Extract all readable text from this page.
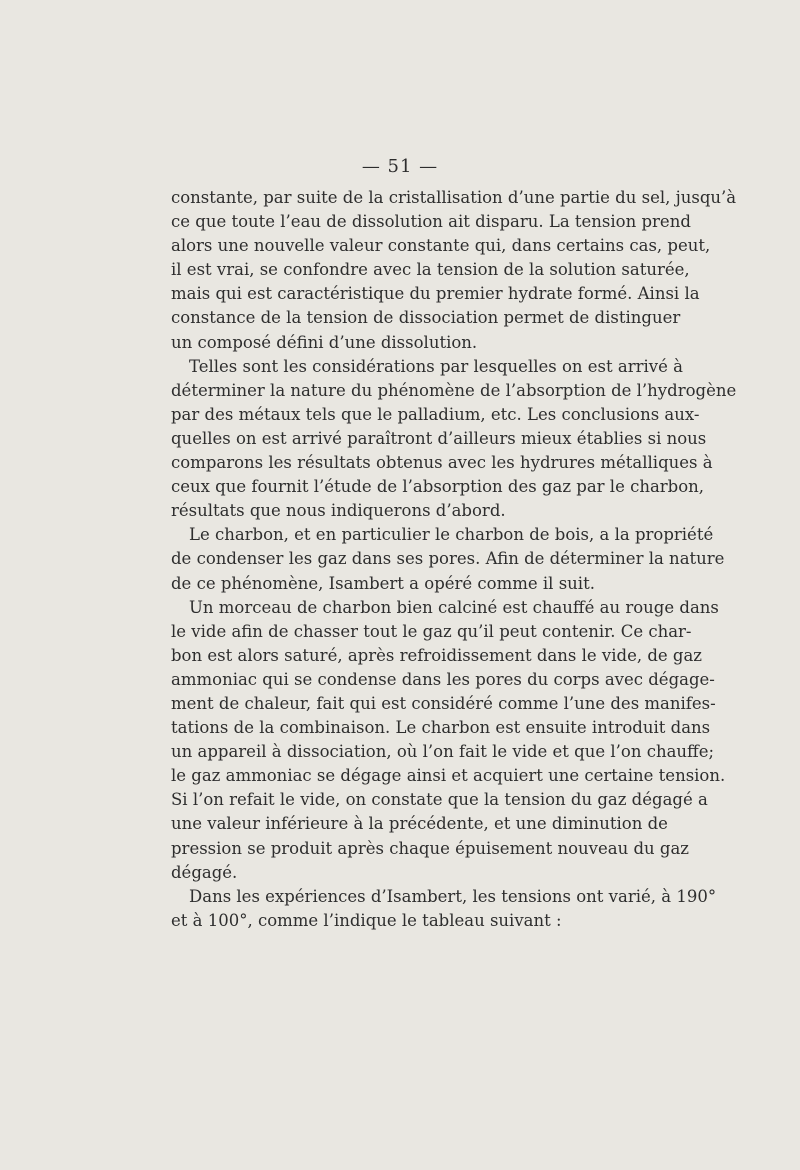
— 51 —
constante, par suite de la cristallisation d’une partie du sel, jusqu’à
ce que toute l’eau de dissolution ait disparu. La tension prend
alors une nouvelle valeur constante qui, dans certains cas, peut,
il est vrai, se confondre avec la tension de la solution saturée,
mais qui est caractéristique du premier hydrate formé. Ainsi la
constance de la tension de dissociation permet de distinguer
un composé défini d’une dissolution.
Telles sont les considérations par lesquelles on est arrivé à
déterminer la nature du phénomène de l’absorption de l’hydrogène
par des métaux tels que le palladium, etc. Les conclusions aux-
quelles on est arrivé paraîtront d’ailleurs mieux établies si nous
comparons les résultats obtenus avec les hydrures métalliques à
ceux que fournit l’étude de l’absorption des gaz par le charbon,
résultats que nous indiquerons d’abord.
Le charbon, et en particulier le charbon de bois, a la propriété
de condenser les gaz dans ses pores. Afin de déterminer la nature
de ce phénomène, Isambert a opéré comme il suit.
Un morceau de charbon bien calciné est chauffé au rouge dans
le vide afin de chasser tout le gaz qu’il peut contenir. Ce char-
bon est alors saturé, après refroidissement dans le vide, de gaz
ammoniac qui se condense dans les pores du corps avec dégage-
ment de chaleur, fait qui est considéré comme l’une des manifes-
tations de la combinaison. Le charbon est ensuite introduit dans
un appareil à dissociation, où l’on fait le vide et que l’on chauffe;
le gaz ammoniac se dégage ainsi et acquiert une certaine tension.
Si l’on refait le vide, on constate que la tension du gaz dégagé a
une valeur inférieure à la précédente, et une diminution de
pression se produit après chaque épuisement nouveau du gaz
dégagé.
Dans les expériences d’Isambert, les tensions ont varié, à 190°
et à 100°, comme l’indique le tableau suivant :
